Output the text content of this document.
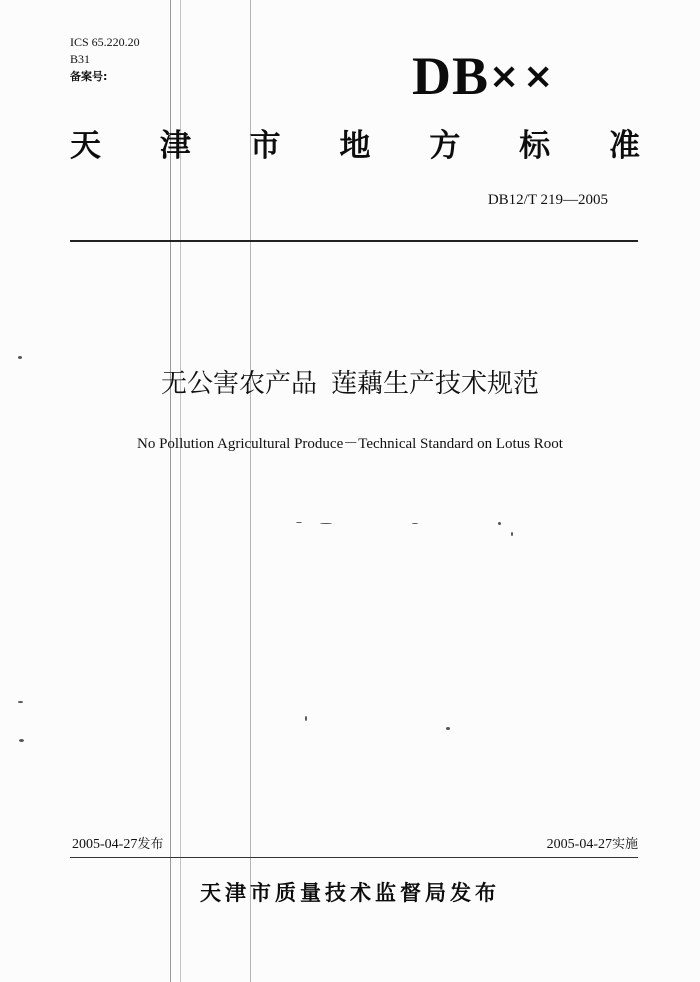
ICS 65.220.20
B31
备案号:	DB××
天 津 市 地 方 标 准
DB12/T 219—2005
无公害农产品 莲藕生产技术规范
No Pollution Agricultural Produce－Technical Standard on Lotus Root
2005-04-27发布	2005-04-27实施
天津市质量技术监督局发布
